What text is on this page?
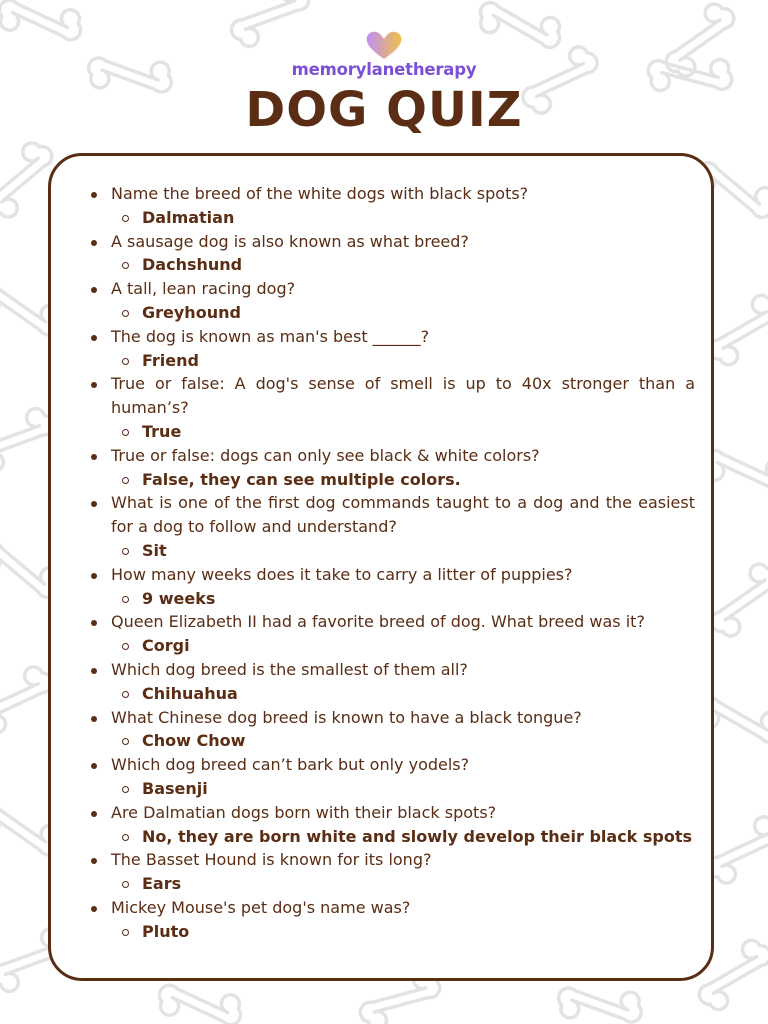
memorylanetherapy
DOG QUIZ
Name the breed of the white dogs with black spots?
Dalmatian
A sausage dog is also known as what breed?
Dachshund
A tall, lean racing dog?
Greyhound
The dog is known as man's best ______?
Friend
True or false: A dog's sense of smell is up to 40x stronger than a human’s?
True
True or false: dogs can only see black & white colors?
False, they can see multiple colors.
What is one of the first dog commands taught to a dog and the easiest for a dog to follow and understand?
Sit
How many weeks does it take to carry a litter of puppies?
9 weeks
Queen Elizabeth II had a favorite breed of dog. What breed was it?
Corgi
Which dog breed is the smallest of them all?
Chihuahua
What Chinese dog breed is known to have a black tongue?
Chow Chow
Which dog breed can’t bark but only yodels?
Basenji
Are Dalmatian dogs born with their black spots?
No, they are born white and slowly develop their black spots
The Basset Hound is known for its long?
Ears
Mickey Mouse's pet dog's name was?
Pluto
